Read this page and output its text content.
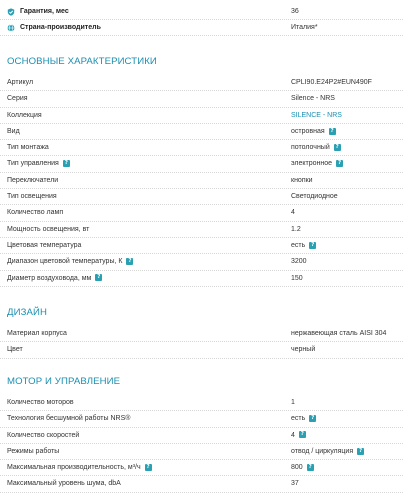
Гарантия, мес	36
Страна-производитель	Италия*
ОСНОВНЫЕ ХАРАКТЕРИСТИКИ
ДИЗАЙН
МОТОР И УПРАВЛЕНИЕ
Артикул	CPLI90.E24P2#EUN490F
Серия	Silence - NRS
Коллекция	SILENCE - NRS
Вид	островная ?
Тип монтажа	потолочный ?
Тип управления ?	электронное ?
Переключатели	кнопки
Тип освещения	Светодиодное
Количество ламп	4
Мощность освещения, вт	1.2
Цветовая температура	есть ?
Диапазон цветовой температуры, К ?	3200
Диаметр воздуховода, мм ?	150
Материал корпуса	нержавеющая сталь AISI 304
Цвет	черный
Количество моторов	1
Технология бесшумной работы NRS®	есть ?
Количество скоростей	4 ?
Режимы работы	отвод / циркуляция ?
Максимальная производительность, м³/ч ?	800 ?
Максимальный уровень шума, dbA	37
